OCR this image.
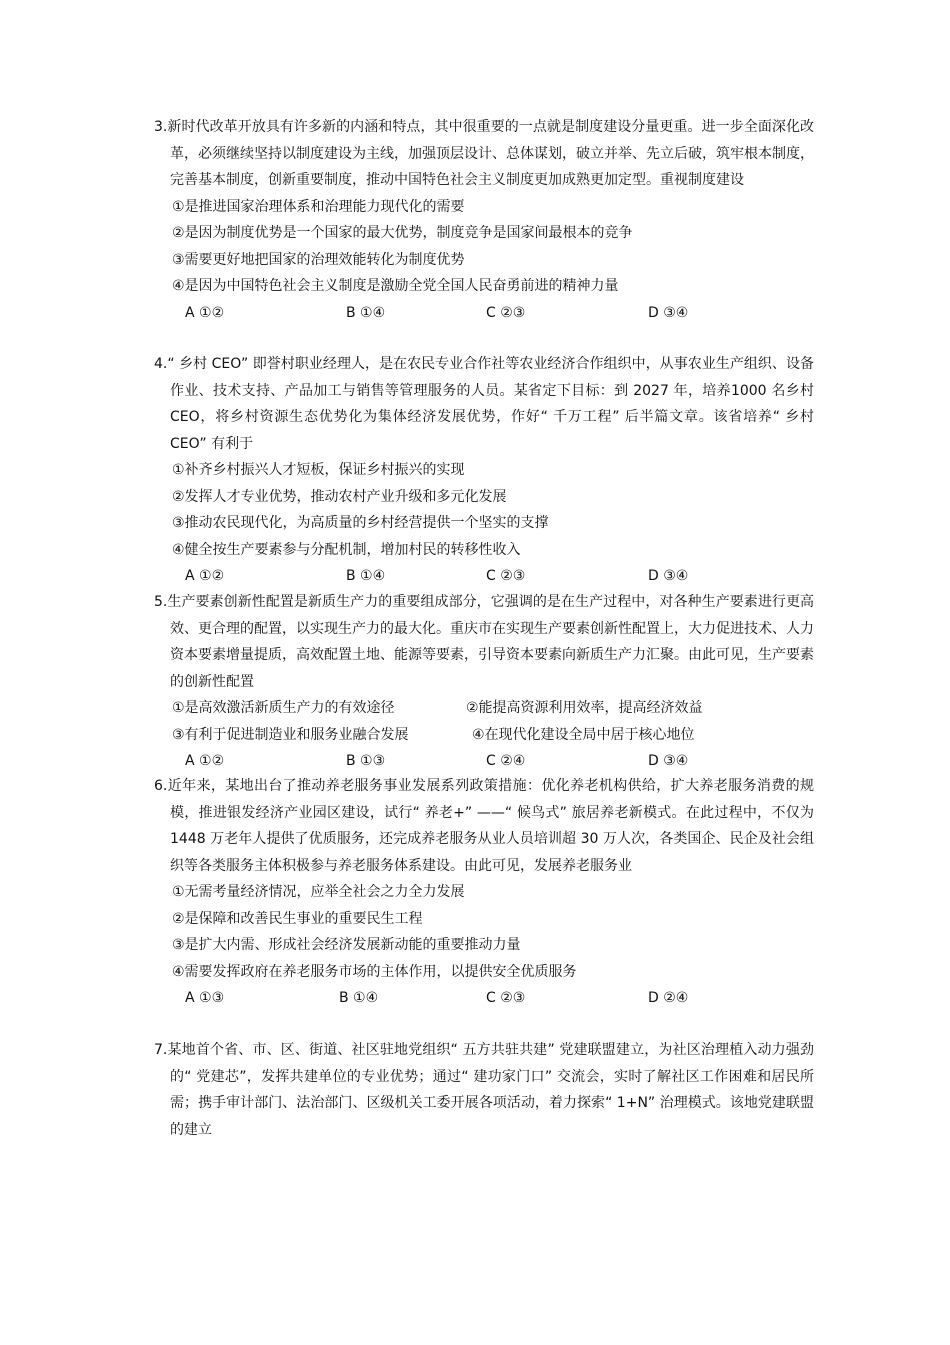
3.新时代改革开放具有许多新的内涵和特点，其中很重要的一点就是制度建设分量更重。进一步全面深化改革，必须继续坚持以制度建设为主线，加强顶层设计、总体谋划，破立并举、先立后破，筑牢根本制度，完善基本制度，创新重要制度，推动中国特色社会主义制度更加成熟更加定型。重视制度建设
①是推进国家治理体系和治理能力现代化的需要
②是因为制度优势是一个国家的最大优势，制度竞争是国家间最根本的竞争
③需要更好地把国家的治理效能转化为制度优势
④是因为中国特色社会主义制度是激励全党全国人民奋勇前进的精神力量
A ①②	B ①④	C ②③	D ③④
4.“ 乡村 CEO” 即誉村职业经理人，是在农民专业合作社等农业经济合作组织中，从事农业生产组织、设备作业、技术支持、产品加工与销售等管理服务的人员。某省定下目标：到 2027 年，培养1000 名乡村 CEO，将乡村资源生态优势化为集体经济发展优势，作好“ 千万工程” 后半篇文章。该省培养“ 乡村 CEO” 有利于
①补齐乡村振兴人才短板，保证乡村振兴的实现
②发挥人才专业优势，推动农村产业升级和多元化发展
③推动农民现代化，为高质量的乡村经营提供一个坚实的支撑
④健全按生产要素参与分配机制，增加村民的转移性收入
A ①②	B ①④	C ②③	D ③④
5.生产要素创新性配置是新质生产力的重要组成部分，它强调的是在生产过程中，对各种生产要素进行更高效、更合理的配置，以实现生产力的最大化。重庆市在实现生产要素创新性配置上，大力促进技术、人力资本要素增量提质，高效配置土地、能源等要素，引导资本要素向新质生产力汇聚。由此可见，生产要素的创新性配置
①是高效激活新质生产力的有效途径	②能提高资源利用效率，提高经济效益
③有利于促进制造业和服务业融合发展	④在现代化建设全局中居于核心地位
A ①②	B ①③	C ②④	D ③④
6.近年来，某地出台了推动养老服务事业发展系列政策措施：优化养老机构供给，扩大养老服务消费的规模，推进银发经济产业园区建设，试行“ 养老+” ——“ 候鸟式” 旅居养老新模式。在此过程中，不仅为 1448 万老年人提供了优质服务，还完成养老服务从业人员培训超 30 万人次，各类国企、民企及社会组织等各类服务主体积极参与养老服务体系建设。由此可见，发展养老服务业
①无需考量经济情况，应举全社会之力全力发展
②是保障和改善民生事业的重要民生工程
③是扩大内需、形成社会经济发展新动能的重要推动力量
④需要发挥政府在养老服务市场的主体作用，以提供安全优质服务
A ①③	B ①④	C ②③	D ②④
7.某地首个省、市、区、街道、社区驻地党组织“ 五方共驻共建” 党建联盟建立，为社区治理植入动力强劲的“ 党建芯”，发挥共建单位的专业优势；通过“ 建功家门口” 交流会，实时了解社区工作困难和居民所需；携手审计部门、法治部门、区级机关工委开展各项活动，着力探索“ 1+N” 治理模式。该地党建联盟的建立
